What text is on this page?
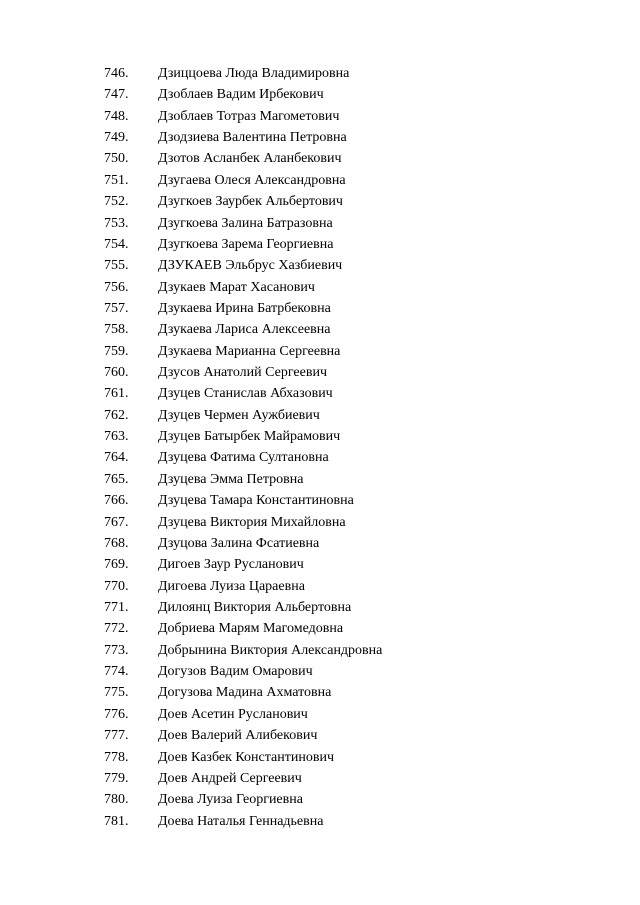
746. Дзиццоева Люда Владимировна
747. Дзоблаев Вадим Ирбекович
748. Дзоблаев Тотраз Магометович
749. Дзодзиева Валентина Петровна
750. Дзотов Асланбек Аланбекович
751. Дзугаева Олеся Александровна
752. Дзугкоев Заурбек Альбертович
753. Дзугкоева Залина Батразовна
754. Дзугкоева Зарема Георгиевна
755. ДЗУКАЕВ Эльбрус Хазбиевич
756. Дзукаев Марат Хасанович
757. Дзукаева Ирина Батрбековна
758. Дзукаева Лариса Алексеевна
759. Дзукаева Марианна Сергеевна
760. Дзусов Анатолий Сергеевич
761. Дзуцев Станислав Абхазович
762. Дзуцев Чермен Аужбиевич
763. Дзуцев Батырбек Майрамович
764. Дзуцева Фатима Султановна
765. Дзуцева Эмма Петровна
766. Дзуцева Тамара Константиновна
767. Дзуцева Виктория Михайловна
768. Дзуцова Залина Фсатиевна
769. Дигоев Заур Русланович
770. Дигоева Луиза Цараевна
771. Дилоянц Виктория Альбертовна
772. Добриева Марям Магомедовна
773. Добрынина Виктория Александровна
774. Догузов Вадим Омарович
775. Догузова Мадина Ахматовна
776. Доев Асетин Русланович
777. Доев Валерий Алибекович
778. Доев Казбек Константинович
779. Доев Андрей Сергеевич
780. Доева Луиза Георгиевна
781. Доева Наталья Геннадьевна
